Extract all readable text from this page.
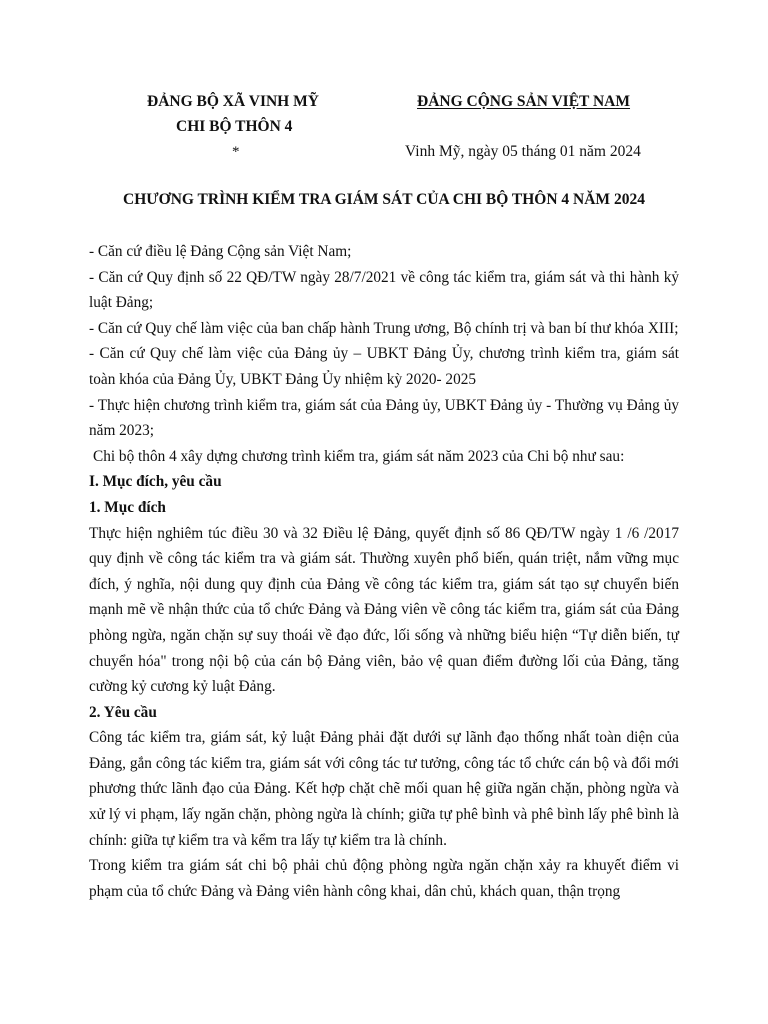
ĐẢNG BỘ XÃ VINH MỸ
CHI BỘ THÔN 4
*
ĐẢNG CỘNG SẢN VIỆT NAM
Vinh Mỹ, ngày 05 tháng 01 năm 2024
CHƯƠNG TRÌNH KIỂM TRA GIÁM SÁT CỦA CHI BỘ THÔN 4 NĂM 2024

- Căn cứ điều lệ Đảng Cộng sản Việt Nam;

- Căn cứ Quy định số 22 QĐ/TW ngày 28/7/2021 về công tác kiểm tra, giám sát và thi hành kỷ luật Đảng;

- Căn cứ Quy chế làm việc của ban chấp hành Trung ương, Bộ chính trị và ban bí thư khóa XIII;

- Căn cứ Quy chế làm việc của Đảng ủy – UBKT Đảng Ủy, chương trình kiểm tra, giám sát toàn khóa của Đảng Ủy, UBKT Đảng Ủy nhiệm kỳ 2020- 2025

- Thực hiện chương trình kiểm tra, giám sát của Đảng ủy, UBKT Đảng ủy - Thường vụ Đảng ủy năm 2023;

Chi bộ thôn 4 xây dựng chương trình kiểm tra, giám sát năm 2023 của Chi bộ như sau:

I. Mục đích, yêu cầu

1. Mục đích

Thực hiện nghiêm túc điều 30 và 32 Điều lệ Đảng, quyết định số 86 QĐ/TW ngày 1 /6 /2017 quy định về công tác kiểm tra và giám sát. Thường xuyên phổ biến, quán triệt, nắm vững mục đích, ý nghĩa, nội dung quy định của Đảng về công tác kiểm tra, giám sát tạo sự chuyển biến mạnh mẽ về nhận thức của tổ chức Đảng và Đảng viên về công tác kiểm tra, giám sát của Đảng phòng ngừa, ngăn chặn sự suy thoái về đạo đức, lối sống và những biểu hiện “Tự diễn biến, tự chuyển hóa" trong nội bộ của cán bộ Đảng viên, bảo vệ quan điểm đường lối của Đảng, tăng cường kỷ cương kỷ luật Đảng.

2. Yêu cầu

Công tác kiểm tra, giám sát, kỷ luật Đảng phải đặt dưới sự lãnh đạo thống nhất toàn diện của Đảng, gắn công tác kiểm tra, giám sát với công tác tư tưởng, công tác tổ chức cán bộ và đổi mới phương thức lãnh đạo của Đảng. Kết hợp chặt chẽ mối quan hệ giữa ngăn chặn, phòng ngừa và xử lý vi phạm, lấy ngăn chặn, phòng ngừa là chính; giữa tự phê bình và phê bình lấy phê bình là chính: giữa tự kiểm tra và kểm tra lấy tự kiểm tra là chính.

Trong kiểm tra giám sát chi bộ phải chủ động phòng ngừa ngăn chặn xảy ra khuyết điểm vi phạm của tổ chức Đảng và Đảng viên hành công khai, dân chủ, khách quan, thận trọng
